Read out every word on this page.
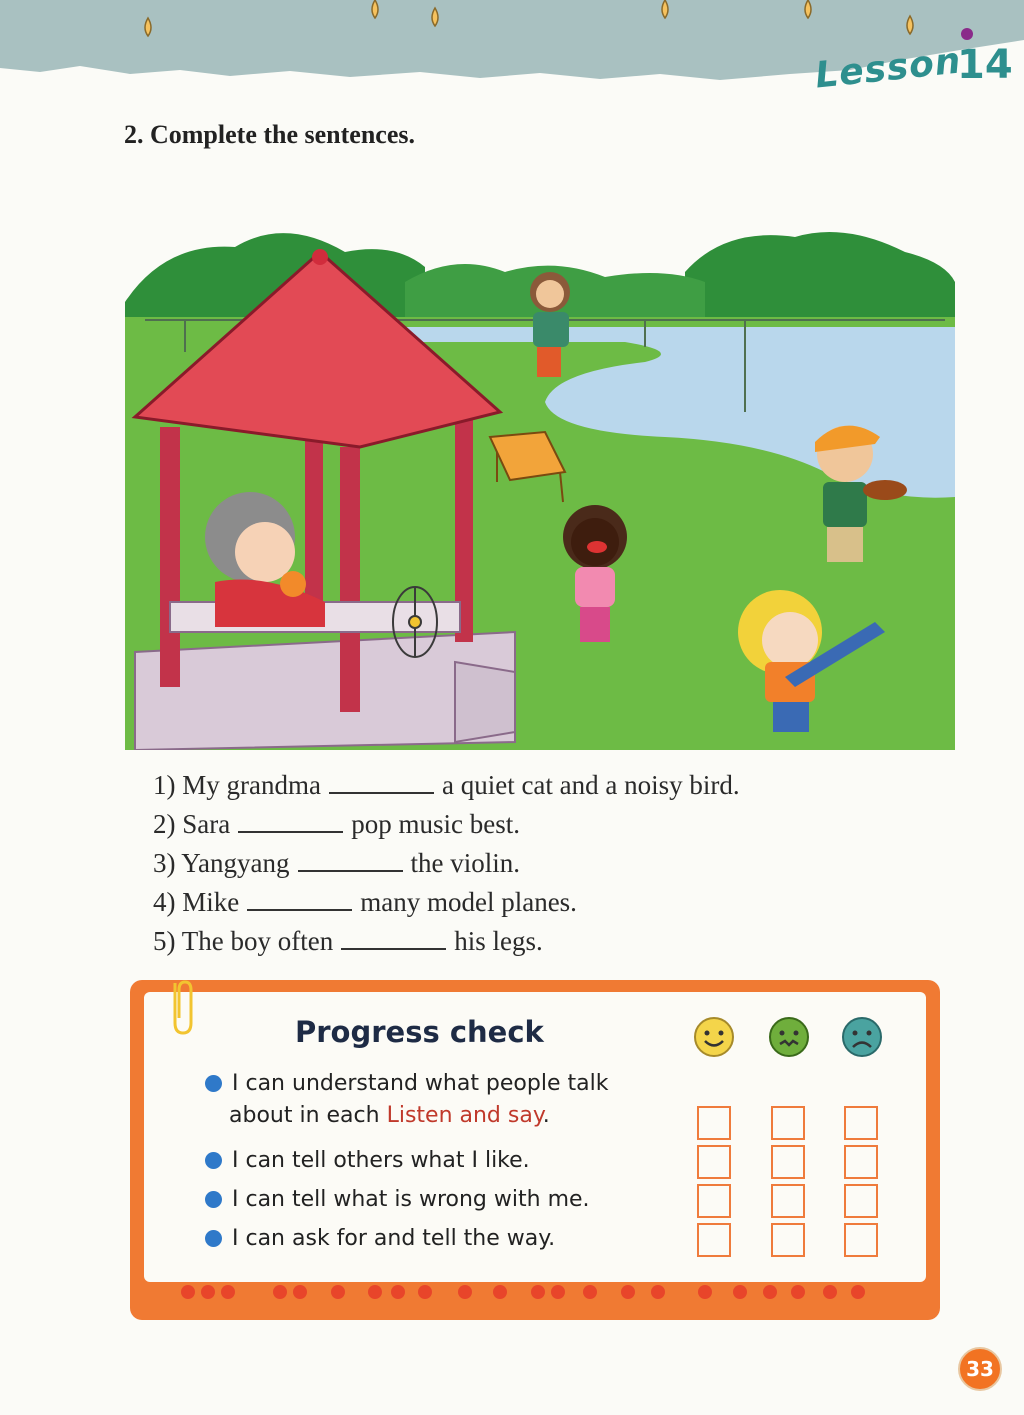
Lesson
14
2. Complete the sentences.
1) My grandma	a quiet cat and a noisy bird.
2) Sara	pop music best.
3) Yangyang	the violin.
4) Mike	many model planes.
5) The boy often	his legs.
Progress check
I can understand what people talk
about in each Listen and say.
I can tell others what I like.
I can tell what is wrong with me.
I can ask for and tell the way.
33
